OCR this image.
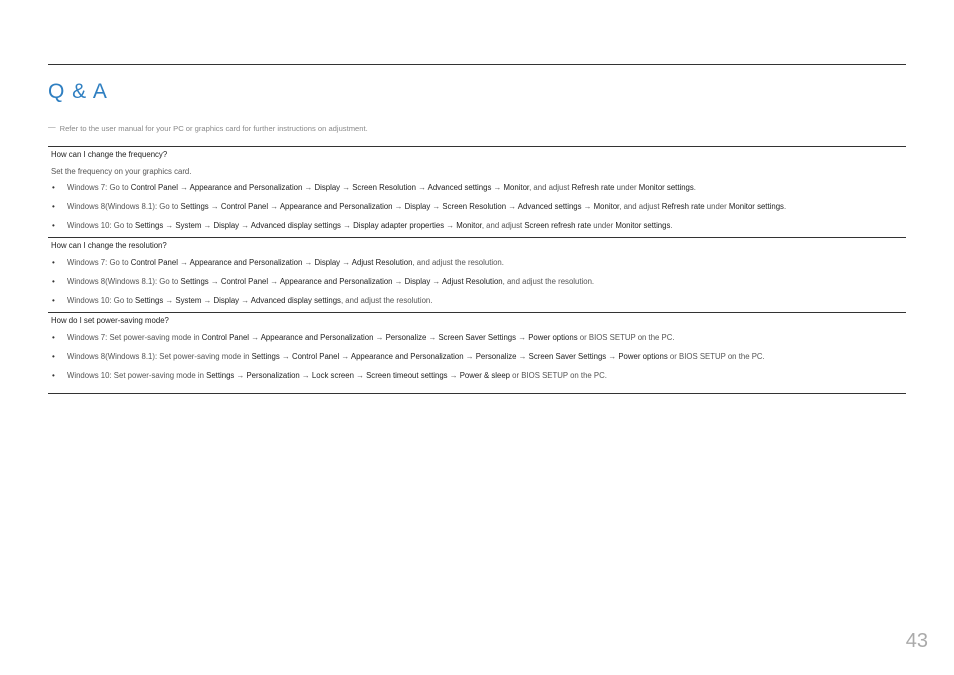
Q & A
— Refer to the user manual for your PC or graphics card for further instructions on adjustment.
How can I change the frequency?
Set the frequency on your graphics card.
• Windows 7: Go to Control Panel → Appearance and Personalization → Display → Screen Resolution → Advanced settings → Monitor, and adjust Refresh rate under Monitor settings.
• Windows 8(Windows 8.1): Go to Settings → Control Panel → Appearance and Personalization → Display → Screen Resolution → Advanced settings → Monitor, and adjust Refresh rate under Monitor settings.
• Windows 10: Go to Settings → System → Display → Advanced display settings → Display adapter properties → Monitor, and adjust Screen refresh rate under Monitor settings.
How can I change the resolution?
• Windows 7: Go to Control Panel → Appearance and Personalization → Display → Adjust Resolution, and adjust the resolution.
• Windows 8(Windows 8.1): Go to Settings → Control Panel → Appearance and Personalization → Display → Adjust Resolution, and adjust the resolution.
• Windows 10: Go to Settings → System → Display → Advanced display settings, and adjust the resolution.
How do I set power-saving mode?
• Windows 7: Set power-saving mode in Control Panel → Appearance and Personalization → Personalize → Screen Saver Settings → Power options or BIOS SETUP on the PC.
• Windows 8(Windows 8.1): Set power-saving mode in Settings → Control Panel → Appearance and Personalization → Personalize → Screen Saver Settings → Power options or BIOS SETUP on the PC.
• Windows 10: Set power-saving mode in Settings → Personalization → Lock screen → Screen timeout settings → Power & sleep or BIOS SETUP on the PC.
43
